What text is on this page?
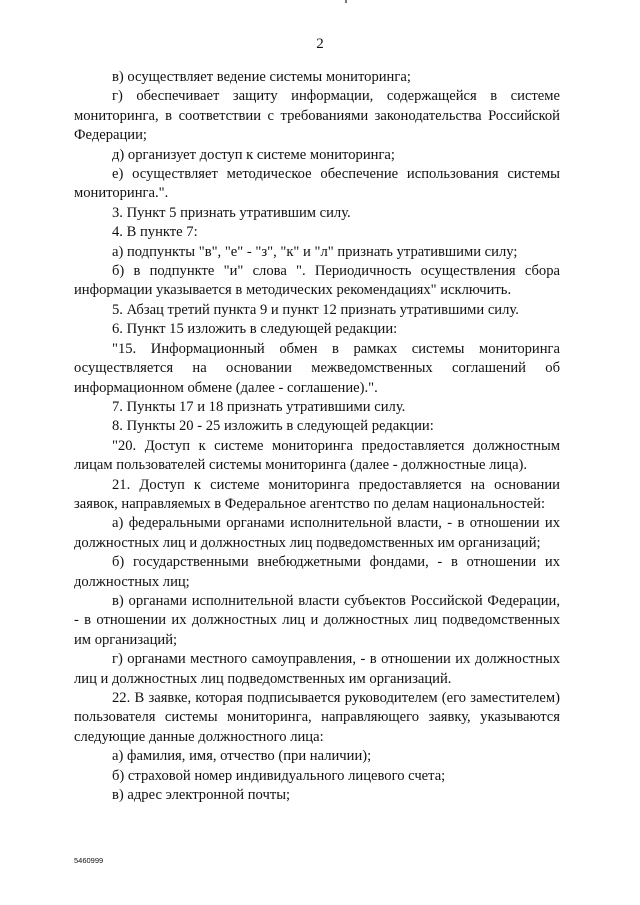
2

в) осуществляет ведение системы мониторинга;

г) обеспечивает защиту информации, содержащейся в системе мониторинга, в соответствии с требованиями законодательства Российской Федерации;

д) организует доступ к системе мониторинга;

е) осуществляет методическое обеспечение использования системы мониторинга.".

3. Пункт 5 признать утратившим силу.

4. В пункте 7:

а) подпункты "в", "е" - "з", "к" и "л" признать утратившими силу;

б) в подпункте "и" слова ". Периодичность осуществления сбора информации указывается в методических рекомендациях" исключить.

5. Абзац третий пункта 9 и пункт 12 признать утратившими силу.

6. Пункт 15 изложить в следующей редакции:

"15. Информационный обмен в рамках системы мониторинга осуществляется на основании межведомственных соглашений об информационном обмене (далее - соглашение).".

7. Пункты 17 и 18 признать утратившими силу.

8. Пункты 20 - 25 изложить в следующей редакции:

"20. Доступ к системе мониторинга предоставляется должностным лицам пользователей системы мониторинга (далее - должностные лица).

21. Доступ к системе мониторинга предоставляется на основании заявок, направляемых в Федеральное агентство по делам национальностей:

а) федеральными органами исполнительной власти, - в отношении их должностных лиц и должностных лиц подведомственных им организаций;

б) государственными внебюджетными фондами, - в отношении их должностных лиц;

в) органами исполнительной власти субъектов Российской Федерации, - в отношении их должностных лиц и должностных лиц подведомственных им организаций;

г) органами местного самоуправления, - в отношении их должностных лиц и должностных лиц подведомственных им организаций.

22. В заявке, которая подписывается руководителем (его заместителем) пользователя системы мониторинга, направляющего заявку, указываются следующие данные должностного лица:

а) фамилия, имя, отчество (при наличии);

б) страховой номер индивидуального лицевого счета;

в) адрес электронной почты;

5460999
